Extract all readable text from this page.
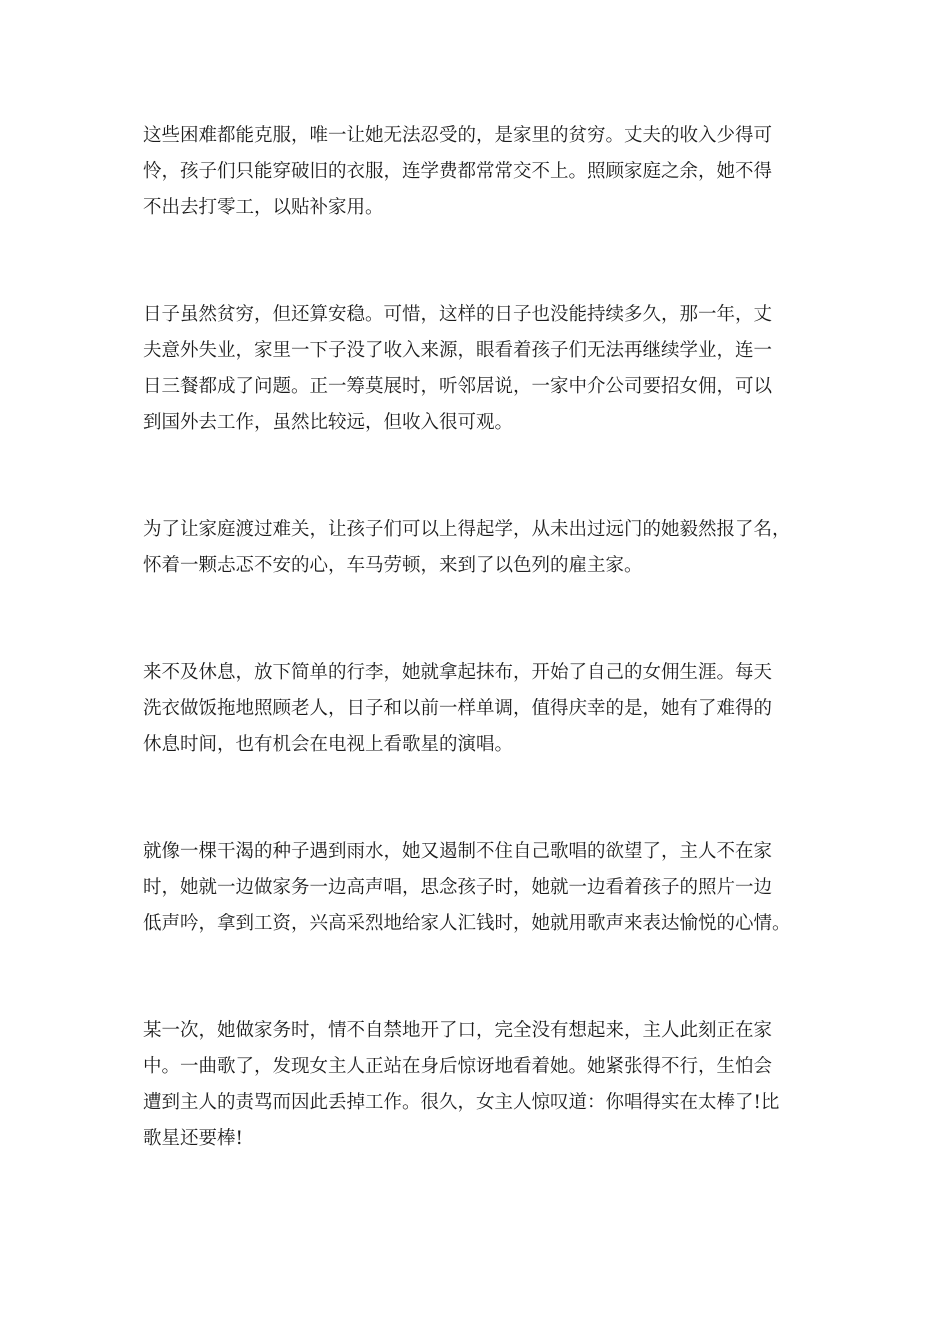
这些困难都能克服，唯一让她无法忍受的，是家里的贫穷。丈夫的收入少得可
怜，孩子们只能穿破旧的衣服，连学费都常常交不上。照顾家庭之余，她不得
不出去打零工，以贴补家用。

日子虽然贫穷，但还算安稳。可惜，这样的日子也没能持续多久，那一年，丈
夫意外失业，家里一下子没了收入来源，眼看着孩子们无法再继续学业，连一
日三餐都成了问题。正一筹莫展时，听邻居说，一家中介公司要招女佣，可以
到国外去工作，虽然比较远，但收入很可观。

为了让家庭渡过难关，让孩子们可以上得起学，从未出过远门的她毅然报了名，
怀着一颗忐忑不安的心，车马劳顿，来到了以色列的雇主家。

来不及休息，放下简单的行李，她就拿起抹布，开始了自己的女佣生涯。每天
洗衣做饭拖地照顾老人，日子和以前一样单调，值得庆幸的是，她有了难得的
休息时间，也有机会在电视上看歌星的演唱。

就像一棵干渴的种子遇到雨水，她又遏制不住自己歌唱的欲望了，主人不在家
时，她就一边做家务一边高声唱，思念孩子时，她就一边看着孩子的照片一边
低声吟，拿到工资，兴高采烈地给家人汇钱时，她就用歌声来表达愉悦的心情。

某一次，她做家务时，情不自禁地开了口，完全没有想起来，主人此刻正在家
中。一曲歌了，发现女主人正站在身后惊讶地看着她。她紧张得不行，生怕会
遭到主人的责骂而因此丢掉工作。很久，女主人惊叹道：你唱得实在太棒了!比
歌星还要棒!
